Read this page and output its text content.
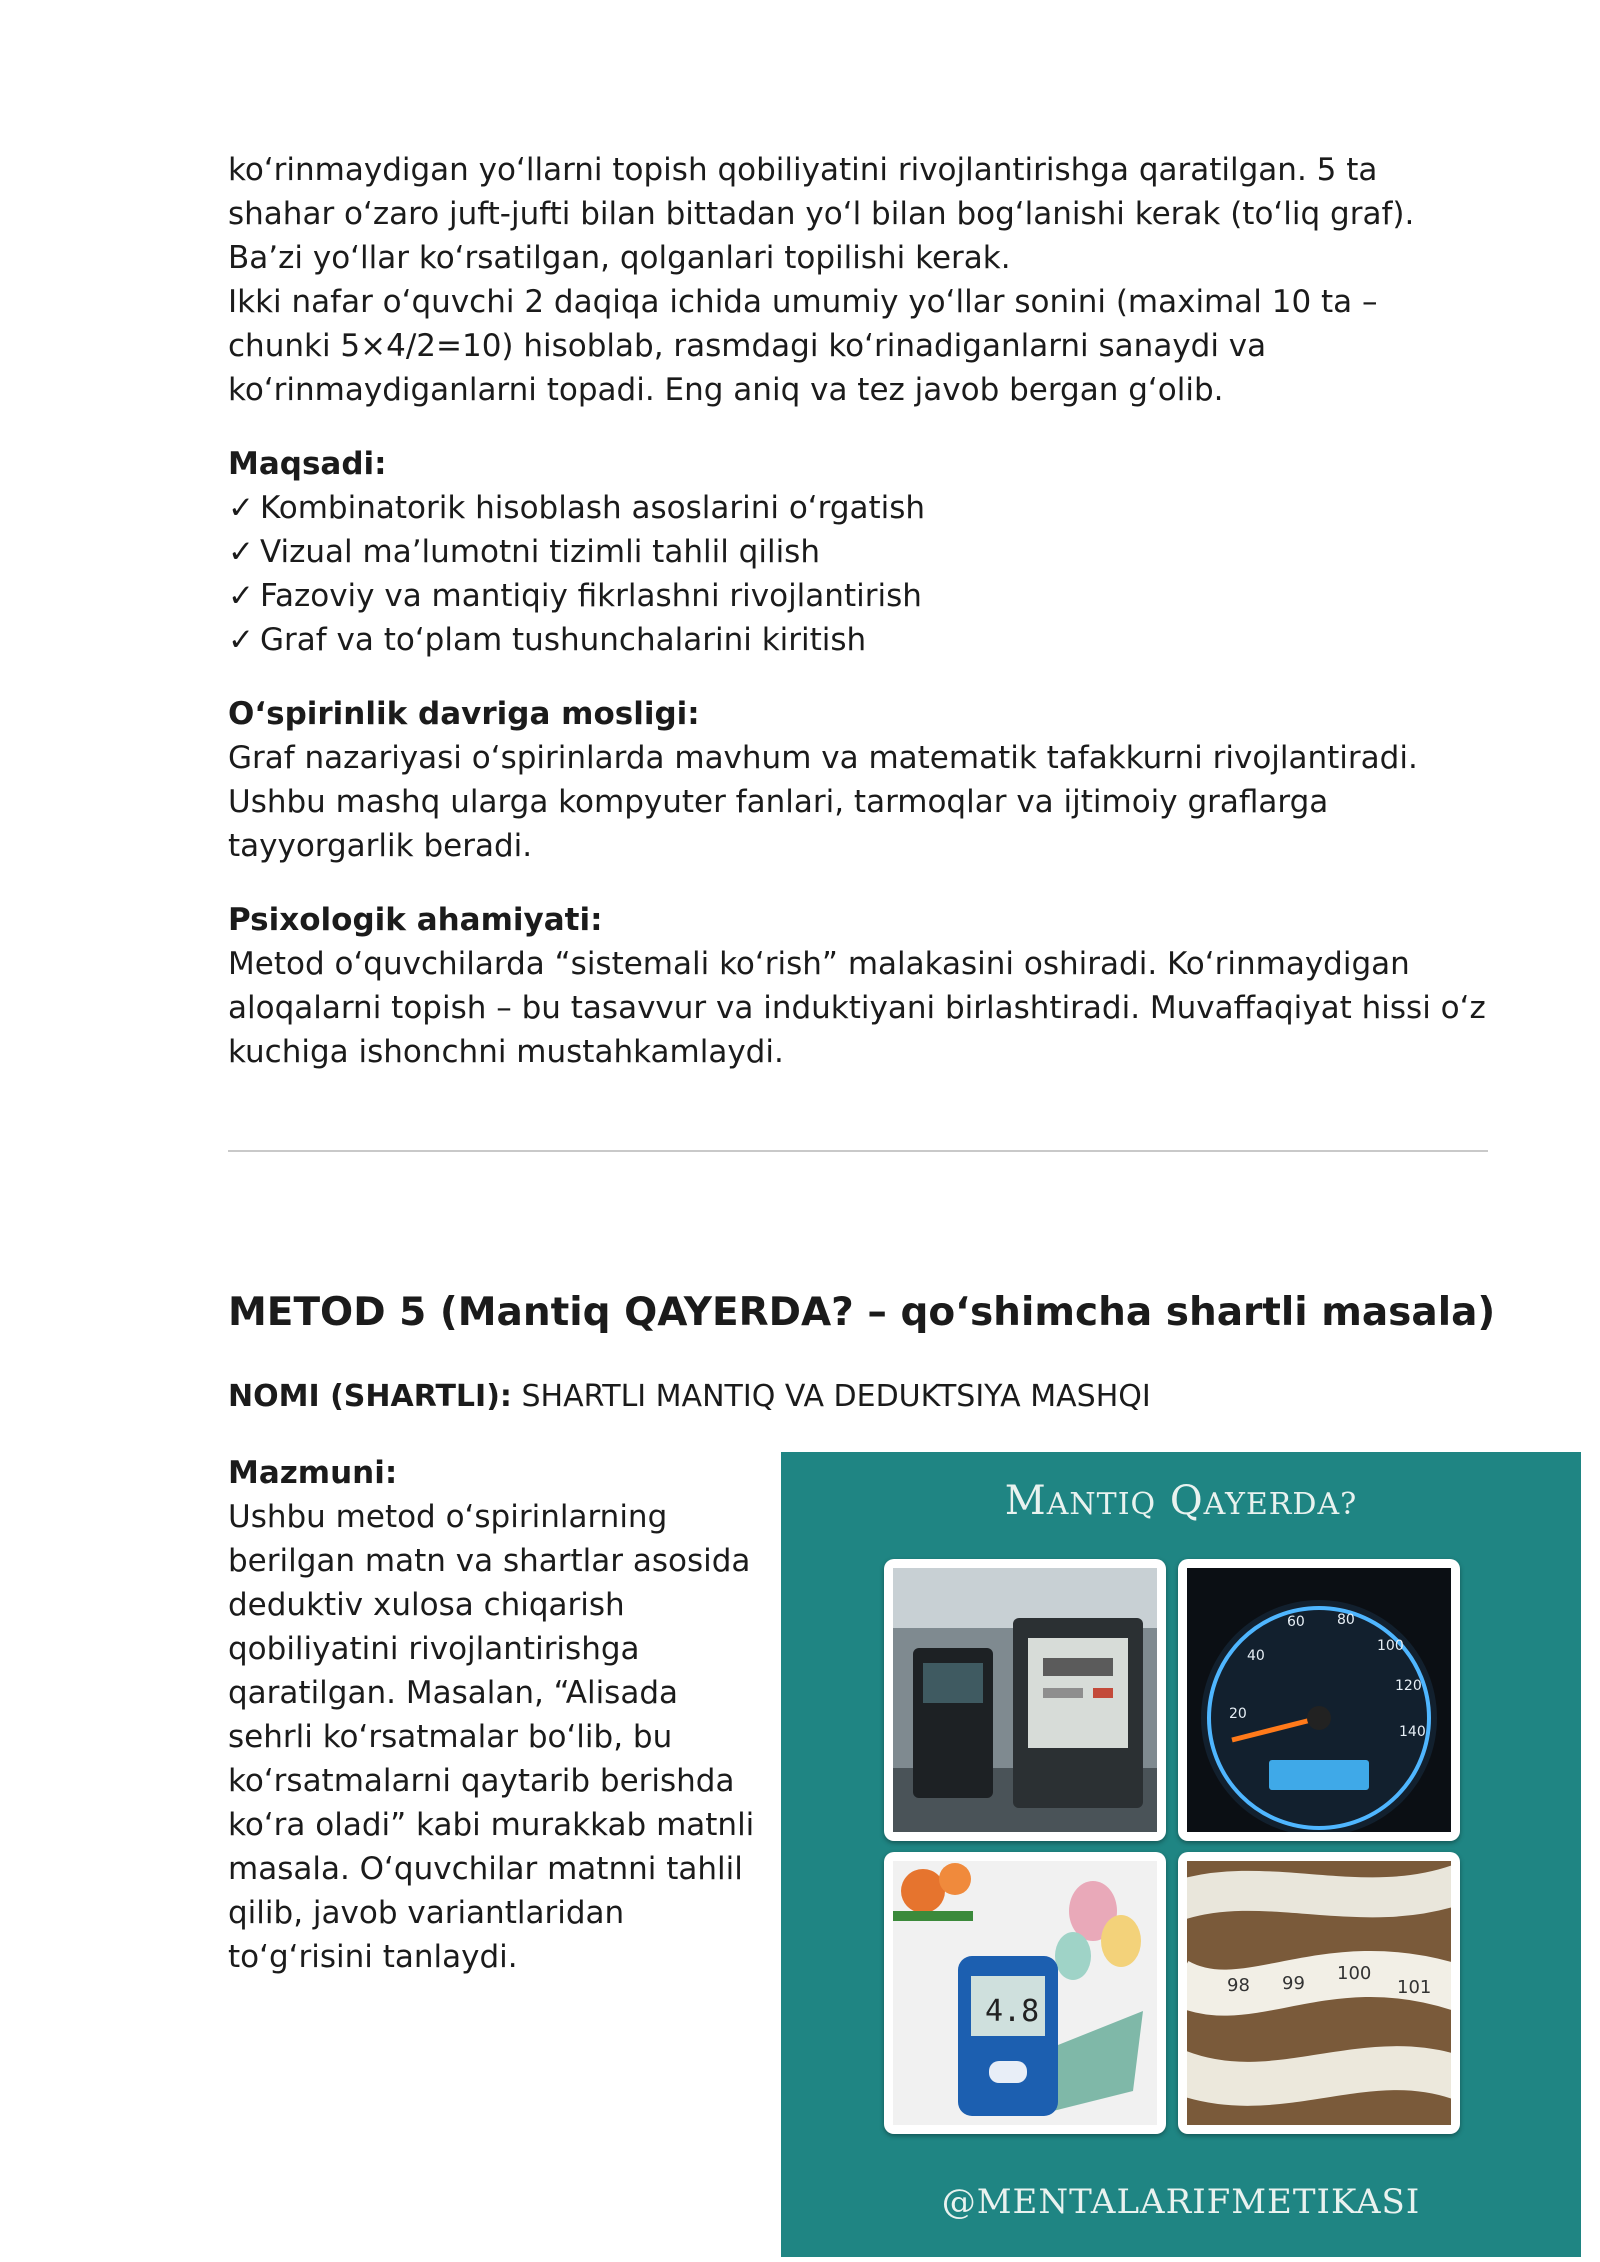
ko‘rinmaydigan yo‘llarni topish qobiliyatini rivojlantirishga qaratilgan. 5 ta shahar o‘zaro juft-jufti bilan bittadan yo‘l bilan bog‘lanishi kerak (to‘liq graf). Ba’zi yo‘llar ko‘rsatilgan, qolganlari topilishi kerak.

Ikki nafar o‘quvchi 2 daqiqa ichida umumiy yo‘llar sonini (maximal 10 ta – chunki 5×4/2=10) hisoblab, rasmdagi ko‘rinadiganlarni sanaydi va ko‘rinmaydiganlarni topadi. Eng aniq va tez javob bergan g‘olib.

Maqsadi:

✓ Kombinatorik hisoblash asoslarini o‘rgatish
✓ Vizual ma’lumotni tizimli tahlil qilish
✓ Fazoviy va mantiqiy fikrlashni rivojlantirish
✓ Graf va to‘plam tushunchalarini kiritish

O‘spirinlik davriga mosligi:

Graf nazariyasi o‘spirinlarda mavhum va matematik tafakkurni rivojlantiradi. Ushbu mashq ularga kompyuter fanlari, tarmoqlar va ijtimoiy graflarga tayyorgarlik beradi.

Psixologik ahamiyati:

Metod o‘quvchilarda “sistemali ko‘rish” malakasini oshiradi. Ko‘rinmaydigan aloqalarni topish – bu tasavvur va induktiyani birlashtiradi. Muvaffaqiyat hissi o‘z kuchiga ishonchni mustahkamlaydi.

METOD 5 (Mantiq QAYERDA? – qo‘shimcha shartli masala)

NOMI (SHARTLI): SHARTLI MANTIQ VA DEDUKTSIYA MASHQI

Mazmuni:

Ushbu metod o‘spirinlarning berilgan matn va shartlar asosida deduktiv xulosa chiqarish qobiliyatini rivojlantirishga qaratilgan. Masalan, “Alisada sehrli ko‘rsatmalar bo‘lib, bu ko‘rsatmalarni qaytarib berishda ko‘ra oladi” kabi murakkab matnli masala. O‘quvchilar matnni tahlil qilib, javob variantlaridan to‘g‘risini tanlaydi.

MANTIQ QAYERDA?
20
40
60 80
100
120
140
4.8
98 99 100
101
@MENTALARIFMETIKASI
